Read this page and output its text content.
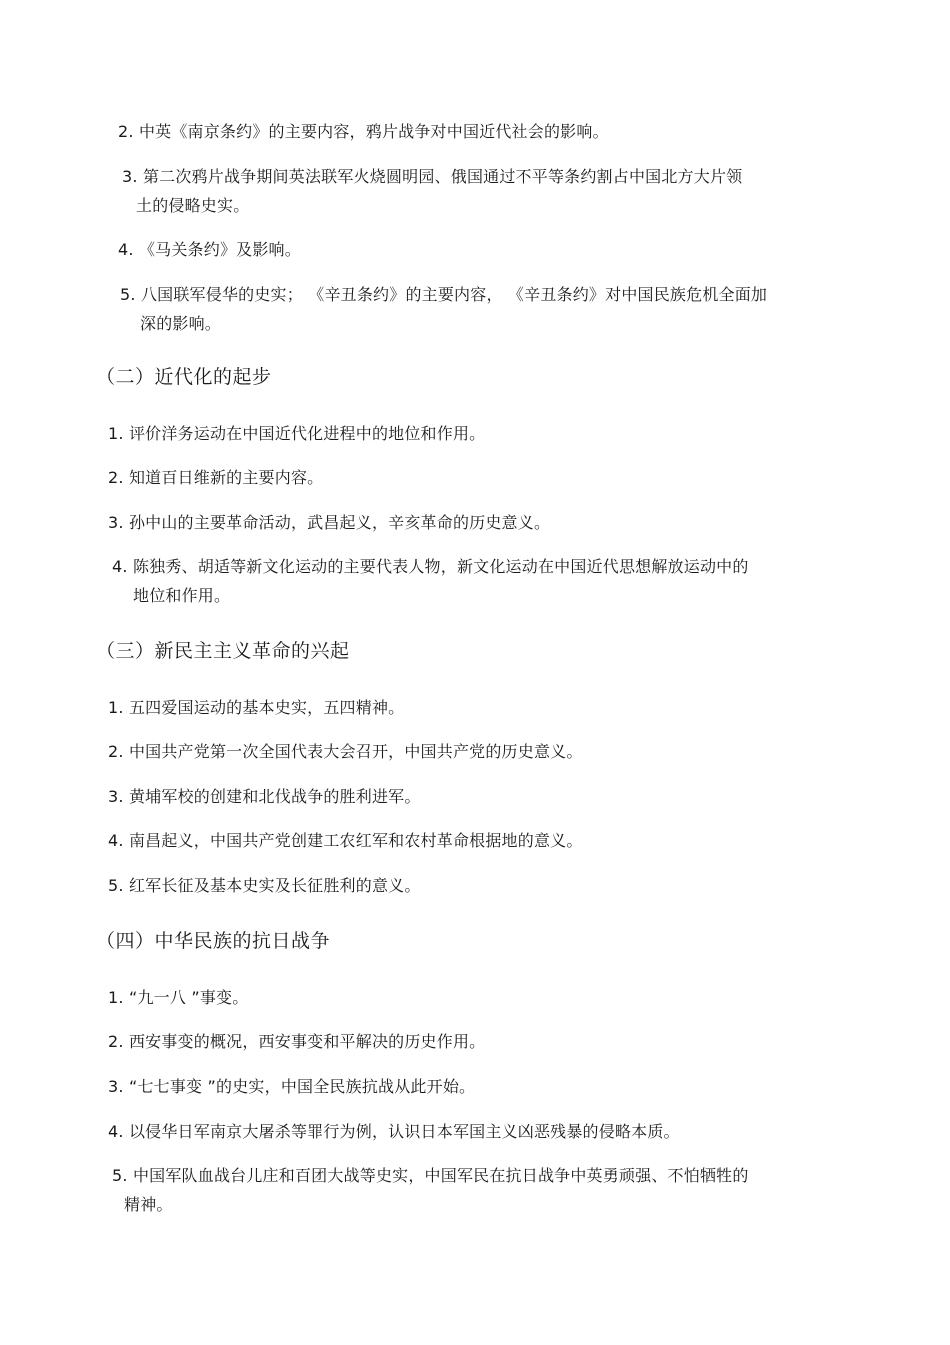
2. 中英《南京条约》的主要内容，鸦片战争对中国近代社会的影响。
3. 第二次鸦片战争期间英法联军火烧圆明园、俄国通过不平等条约割占中国北方大片领
土的侵略史实。
4. 《马关条约》及影响。
5. 八国联军侵华的史实； 《辛丑条约》的主要内容， 《辛丑条约》对中国民族危机全面加
深的影响。
（二）近代化的起步
1. 评价洋务运动在中国近代化进程中的地位和作用。
2. 知道百日维新的主要内容。
3. 孙中山的主要革命活动，武昌起义，辛亥革命的历史意义。
4. 陈独秀、胡适等新文化运动的主要代表人物，新文化运动在中国近代思想解放运动中的
地位和作用。
（三）新民主主义革命的兴起
1. 五四爱国运动的基本史实，五四精神。
2. 中国共产党第一次全国代表大会召开，中国共产党的历史意义。
3. 黄埔军校的创建和北伐战争的胜利进军。
4. 南昌起义，中国共产党创建工农红军和农村革命根据地的意义。
5. 红军长征及基本史实及长征胜利的意义。
（四）中华民族的抗日战争
1. “九一八 ”事变。
2. 西安事变的概况，西安事变和平解决的历史作用。
3. “七七事变 ”的史实，中国全民族抗战从此开始。
4. 以侵华日军南京大屠杀等罪行为例，认识日本军国主义凶恶残暴的侵略本质。
5. 中国军队血战台儿庄和百团大战等史实，中国军民在抗日战争中英勇顽强、不怕牺牲的
精神。
